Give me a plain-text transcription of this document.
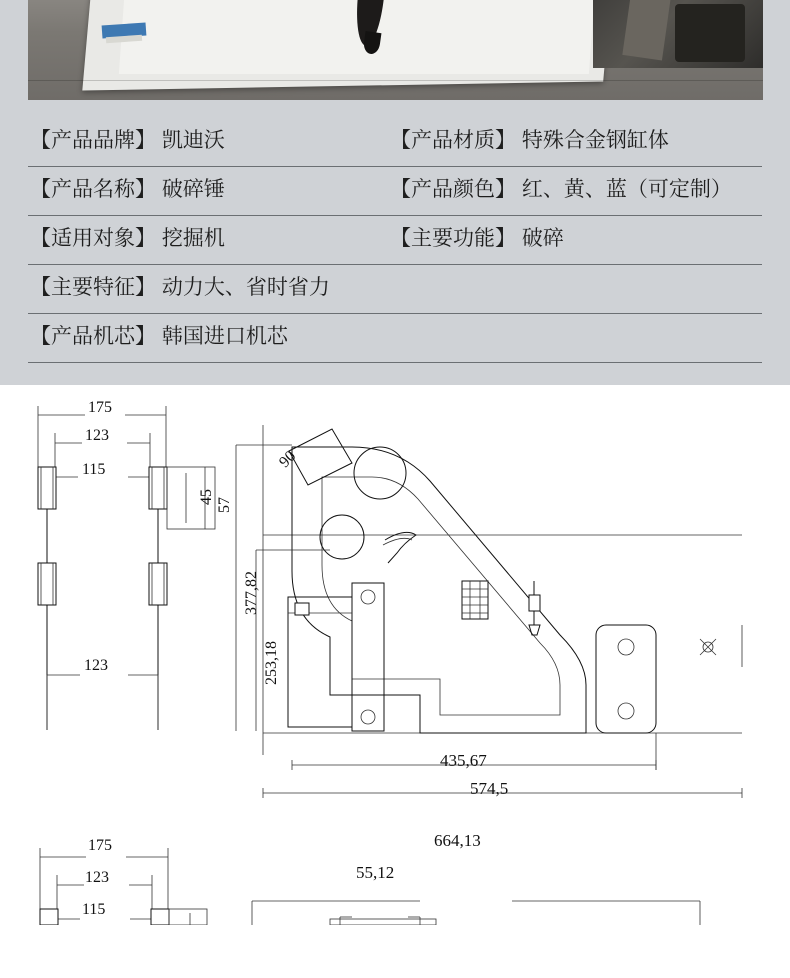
【产品品牌】 凯迪沃	【产品材质】 特殊合金钢缸体
【产品名称】 破碎锤	【产品颜色】 红、黄、蓝（可定制）
【适用对象】 挖掘机	【主要功能】 破碎
【主要特征】 动力大、省时省力
【产品机芯】 韩国进口机芯
175
123
115
45 57
123
90
377,82
253,18
435,67
574,5
175
123
115
664,13
55,12
